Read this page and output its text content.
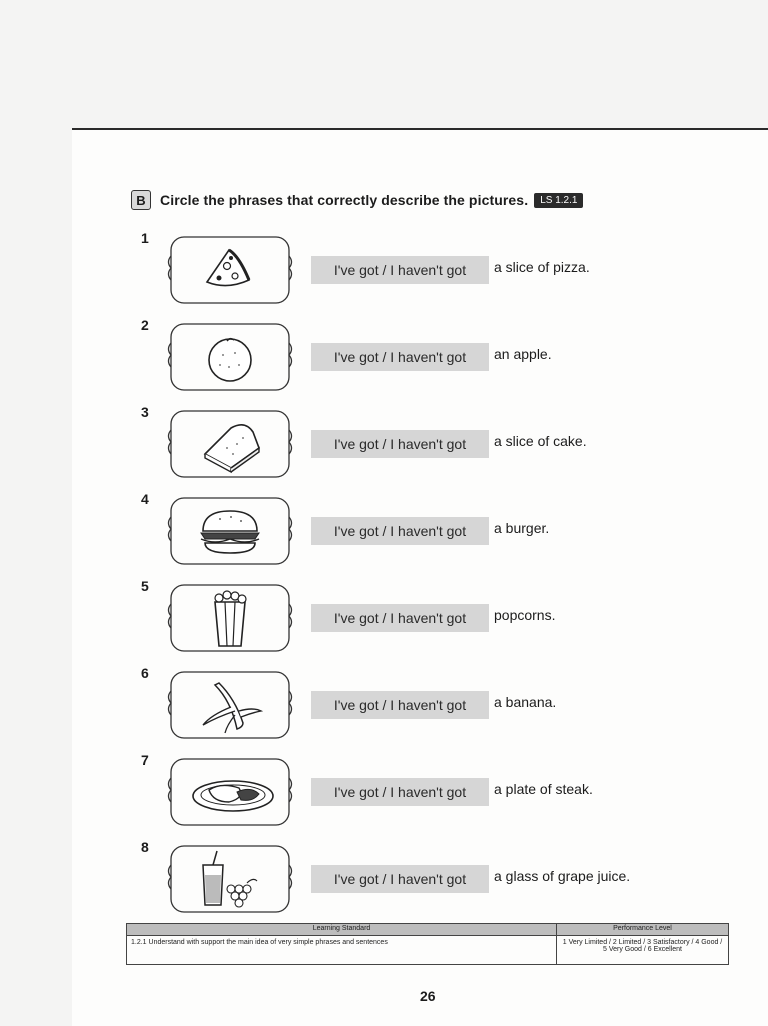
B	Circle the phrases that correctly describe the pictures.	LS 1.2.1
1
I've got / I haven't got	a slice of pizza.
2
I've got / I haven't got	an apple.
3
I've got / I haven't got	a slice of cake.
4
I've got / I haven't got	a burger.
5
I've got / I haven't got	popcorns.
6
I've got / I haven't got	a banana.
7
I've got / I haven't got	a plate of steak.
8
I've got / I haven't got	a glass of grape juice.
Learning Standard	Performance Level
1.2.1 Understand with support the main idea of very simple phrases and sentences	1 Very Limited / 2 Limited / 3 Satisfactory / 4 Good / 5 Very Good / 6 Excellent
26
